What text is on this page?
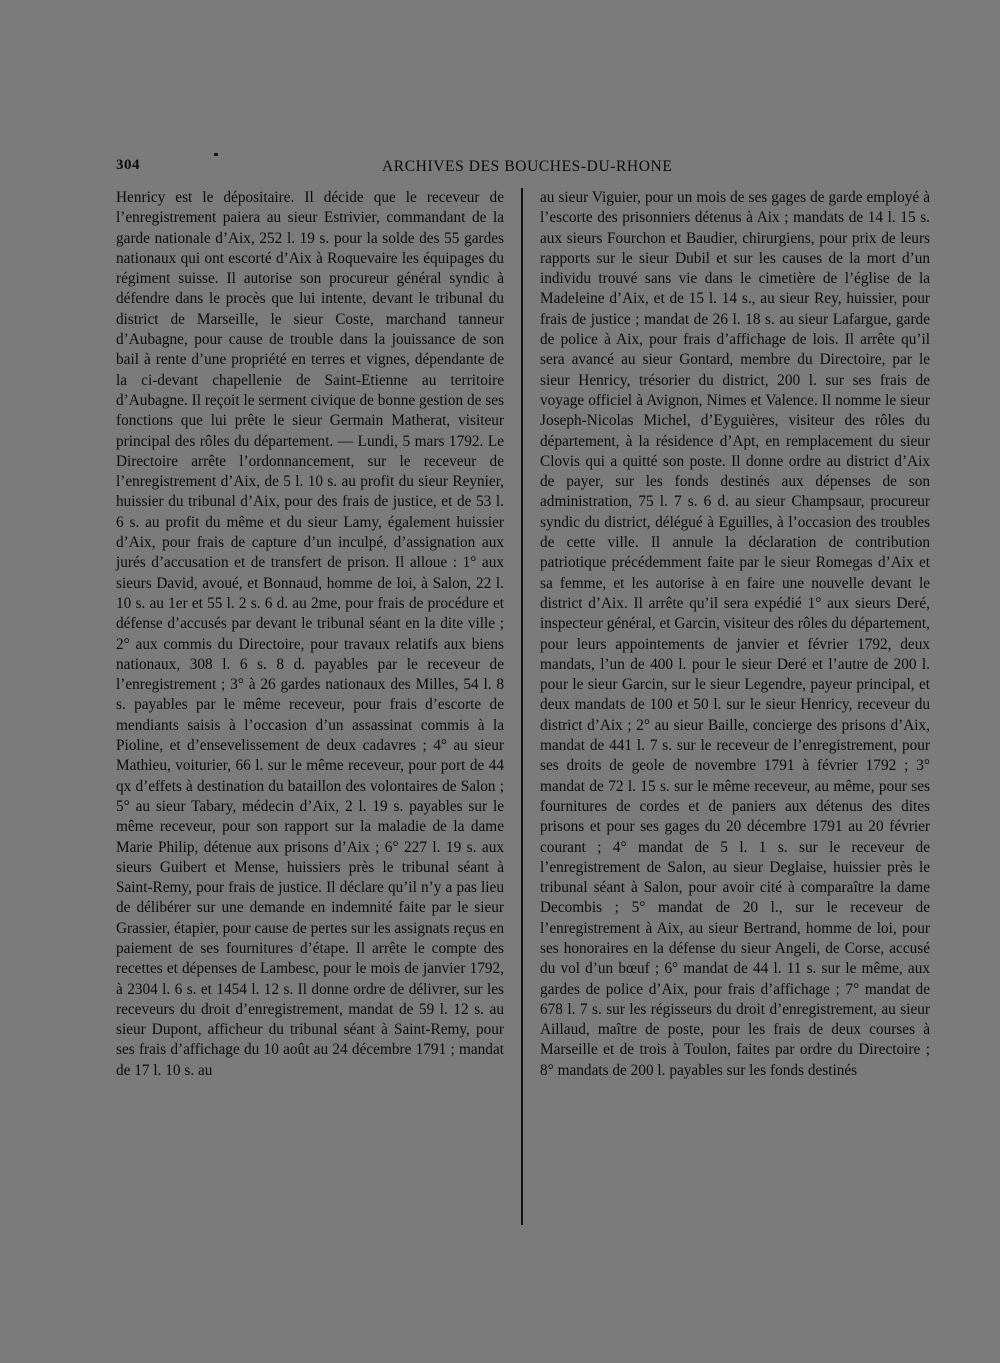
304	ARCHIVES DES BOUCHES-DU-RHONE

Henricy est le dépositaire. Il décide que le receveur de l’enregistrement paiera au sieur Estrivier, commandant de la garde nationale d’Aix, 252 l. 19 s. pour la solde des 55 gardes nationaux qui ont escorté d’Aix à Roquevaire les équipages du régiment suisse. Il autorise son procureur général syndic à défendre dans le procès que lui intente, devant le tribunal du district de Marseille, le sieur Coste, marchand tanneur d’Aubagne, pour cause de trouble dans la jouissance de son bail à rente d’une propriété en terres et vignes, dépendante de la ci-devant chapellenie de Saint-Etienne au territoire d’Aubagne. Il reçoit le serment civique de bonne gestion de ses fonctions que lui prête le sieur Germain Matherat, visiteur principal des rôles du département. — Lundi, 5 mars 1792. Le Directoire arrête l’ordonnancement, sur le receveur de l’enregistrement d’Aix, de 5 l. 10 s. au profit du sieur Reynier, huissier du tribunal d’Aix, pour des frais de justice, et de 53 l. 6 s. au profit du même et du sieur Lamy, également huissier d’Aix, pour frais de capture d’un inculpé, d’assignation aux jurés d’accusation et de transfert de prison. Il alloue : 1° aux sieurs David, avoué, et Bonnaud, homme de loi, à Salon, 22 l. 10 s. au 1er et 55 l. 2 s. 6 d. au 2me, pour frais de procédure et défense d’accusés par devant le tribunal séant en la dite ville ; 2° aux commis du Directoire, pour travaux relatifs aux biens nationaux, 308 l. 6 s. 8 d. payables par le receveur de l’enregistrement ; 3° à 26 gardes nationaux des Milles, 54 l. 8 s. payables par le même receveur, pour frais d’escorte de mendiants saisis à l’occasion d’un assassinat commis à la Pioline, et d’ensevelissement de deux cadavres ; 4° au sieur Mathieu, voiturier, 66 l. sur le même receveur, pour port de 44 qx d’effets à destination du bataillon des volontaires de Salon ; 5° au sieur Tabary, médecin d’Aix, 2 l. 19 s. payables sur le même receveur, pour son rapport sur la maladie de la dame Marie Philip, détenue aux prisons d’Aix ; 6° 227 l. 19 s. aux sieurs Guibert et Mense, huissiers près le tribunal séant à Saint-Remy, pour frais de justice. Il déclare qu’il n’y a pas lieu de délibérer sur une demande en indemnité faite par le sieur Grassier, étapier, pour cause de pertes sur les assignats reçus en paiement de ses fournitures d’étape. Il arrête le compte des recettes et dépenses de Lambesc, pour le mois de janvier 1792, à 2304 l. 6 s. et 1454 l. 12 s. Il donne ordre de délivrer, sur les receveurs du droit d’enregistrement, mandat de 59 l. 12 s. au sieur Dupont, afficheur du tribunal séant à Saint-Remy, pour ses frais d’affichage du 10 août au 24 décembre 1791 ; mandat de 17 l. 10 s. au

au sieur Viguier, pour un mois de ses gages de garde employé à l’escorte des prisonniers détenus à Aix ; mandats de 14 l. 15 s. aux sieurs Fourchon et Baudier, chirurgiens, pour prix de leurs rapports sur le sieur Dubil et sur les causes de la mort d’un individu trouvé sans vie dans le cimetière de l’église de la Madeleine d’Aix, et de 15 l. 14 s., au sieur Rey, huissier, pour frais de justice ; mandat de 26 l. 18 s. au sieur Lafargue, garde de police à Aix, pour frais d’affichage de lois. Il arrête qu’il sera avancé au sieur Gontard, membre du Directoire, par le sieur Henricy, trésorier du district, 200 l. sur ses frais de voyage officiel à Avignon, Nimes et Valence. Il nomme le sieur Joseph-Nicolas Michel, d’Eyguières, visiteur des rôles du département, à la résidence d’Apt, en remplacement du sieur Clovis qui a quitté son poste. Il donne ordre au district d’Aix de payer, sur les fonds destinés aux dépenses de son administration, 75 l. 7 s. 6 d. au sieur Champsaur, procureur syndic du district, délégué à Eguilles, à l’occasion des troubles de cette ville. Il annule la déclaration de contribution patriotique précédemment faite par le sieur Romegas d’Aix et sa femme, et les autorise à en faire une nouvelle devant le district d’Aix. Il arrête qu’il sera expédié 1° aux sieurs Deré, inspecteur général, et Garcin, visiteur des rôles du département, pour leurs appointements de janvier et février 1792, deux mandats, l’un de 400 l. pour le sieur Deré et l’autre de 200 l. pour le sieur Garcin, sur le sieur Legendre, payeur principal, et deux mandats de 100 et 50 l. sur le sieur Henricy, receveur du district d’Aix ; 2° au sieur Baille, concierge des prisons d’Aix, mandat de 441 l. 7 s. sur le receveur de l’enregistrement, pour ses droits de geole de novembre 1791 à février 1792 ; 3° mandat de 72 l. 15 s. sur le même receveur, au même, pour ses fournitures de cordes et de paniers aux détenus des dites prisons et pour ses gages du 20 décembre 1791 au 20 février courant ; 4° mandat de 5 l. 1 s. sur le receveur de l’enregistrement de Salon, au sieur Deglaise, huissier près le tribunal séant à Salon, pour avoir cité à comparaître la dame Decombis ; 5° mandat de 20 l., sur le receveur de l’enregistrement à Aix, au sieur Bertrand, homme de loi, pour ses honoraires en la défense du sieur Angeli, de Corse, accusé du vol d’un bœuf ; 6° mandat de 44 l. 11 s. sur le même, aux gardes de police d’Aix, pour frais d’affichage ; 7° mandat de 678 l. 7 s. sur les régisseurs du droit d’enregistrement, au sieur Aillaud, maître de poste, pour les frais de deux courses à Marseille et de trois à Toulon, faites par ordre du Directoire ; 8° mandats de 200 l. payables sur les fonds destinés
